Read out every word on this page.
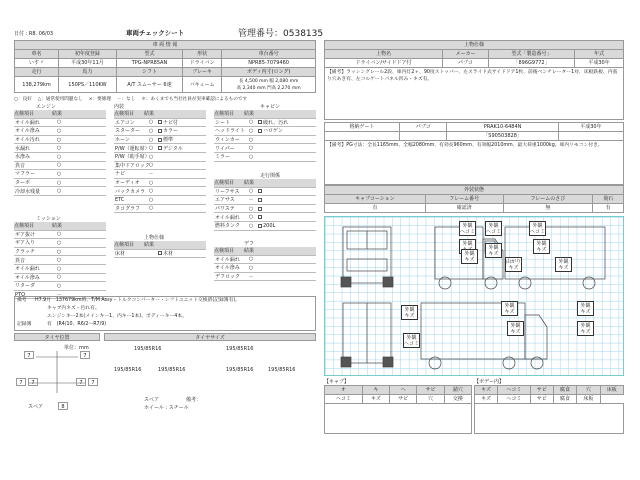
日付 : R8. 06/03	車両チェックシート	管理番号：0538135
車 両 情 報				
車名	初年度登録	型式	形状	車台番号
いすゞ	平成30年11月	TPG-NPR85AN	ドライバン	NPR85-7079460
走行	馬力	シフト	ブレーキ	ボディ内寸(ロング)
138,279km	150PS／110KW	A/T スムーサー 6速	バキューム	長 4,500 mm 幅 2,080 mm
高 2,340 mm 門高 2,270 mm
○：良好 △：通常使用問題なし ×：要修理 －：なし ＊：あくまでも当社社員が実車確認によるものです
エンジン
点検項目	結果
オイル漏れ	○
オイル滲み	○
オイル汚れ	○
水漏れ	○
水滲み	○
異音	○
マフラー	○
ターボ	○
冷却水残量	○
内装
点検項目	結果
エアコン	○	ナビ付
スターター	○	カラー
ホーン	○	標準
P/W（運転席） ○	デジタル
P/W（助手席） ○
集中ドアロック ○
ナビ	－
オーディオ	○
バックカメラ ○
ETC	○
タコグラフ	○
キャビン
点検項目	結果
シート	○	破れ、汚れ
ヘッドライト ○	ハロゲン
ウィンカー	○
ワイパー	○
ミラー	○
走行関係
点検項目	結果
リーフサス	○
エアサス	－
パワステ	○
オイル漏れ	○
燃料タンク	○	200L
ミッション
点検項目	結果
ギア抜け	○
ギア入り	○
クラッチ	○
異音	○
オイル漏れ	○
オイル滲み	○
リターダ	○
PTO	－
上物仕様
点検項目	結果
床材	木材
デフ
点検項目	結果
オイル漏れ	○
オイル滲み	○
デフロック	－
備考	H7.9月　137679km時、T/M Assy・トルクコンバーター・シフトユニット交換済(記録簿有)。
キャブ内キズ・汚れ有。
エンジンキー2本(メインキー1、内キー1本)、ボディーキー4本。
記録簿	有　(R4/10、R6/2〜R7/9)
タイヤ位置
単位：mm
7	7
7	7	7	7
スペア	8
タイヤサイズ
195/85R16	195/85R16
195/85R16	195/85R16	195/85R16	195/85R16
スペア
ホイール : スチール
備考：
上物仕様			
上物名	メーカー	型式「製造番号」	年式
ドライバン/サイドドア付	パブコ	「896G9772」	平成30年
【備考】ラッシングレール2段、庫内灯2ヶ、90度ストッパー、左スライド式サイドドア1枚、前後ベンチレーター1対、床板鉄板、内張り穴あき有、左コルゲートパネル凹み・キズ有。
格納ゲート	パブコ	PRAK10-6484N	平成30年
		「S90503828」	
【備考】PG寸法：全長1165mm、全幅2080mm、有効長960mm、有効幅2010mm、最大荷重1000kg。庫内リモコン付き。
外装状態			
キャブコーション	フレーム番号	フレームのさび	飛石
有	確認済	無	有
外観
ヘコミ
外観
外観
ヘコミ
外観
キズ
外観
ヘコミ
外観
キズ
外観
キズ	由がり
キズ
外観
キズ
外観
キズ
外観
ヘコミ
外観
キズ
外観
キズ
外観
キズ
外観
キズ
【キャブ】
オ	キ	ヘ	サビ	錆穴
ヘコミ	キズ	サビ	穴	交換

【ボデー内】
キズ	ヘコミ	サビ	腐食	穴	床板
キズ	ヘコミ	サビ	腐食	床板	
